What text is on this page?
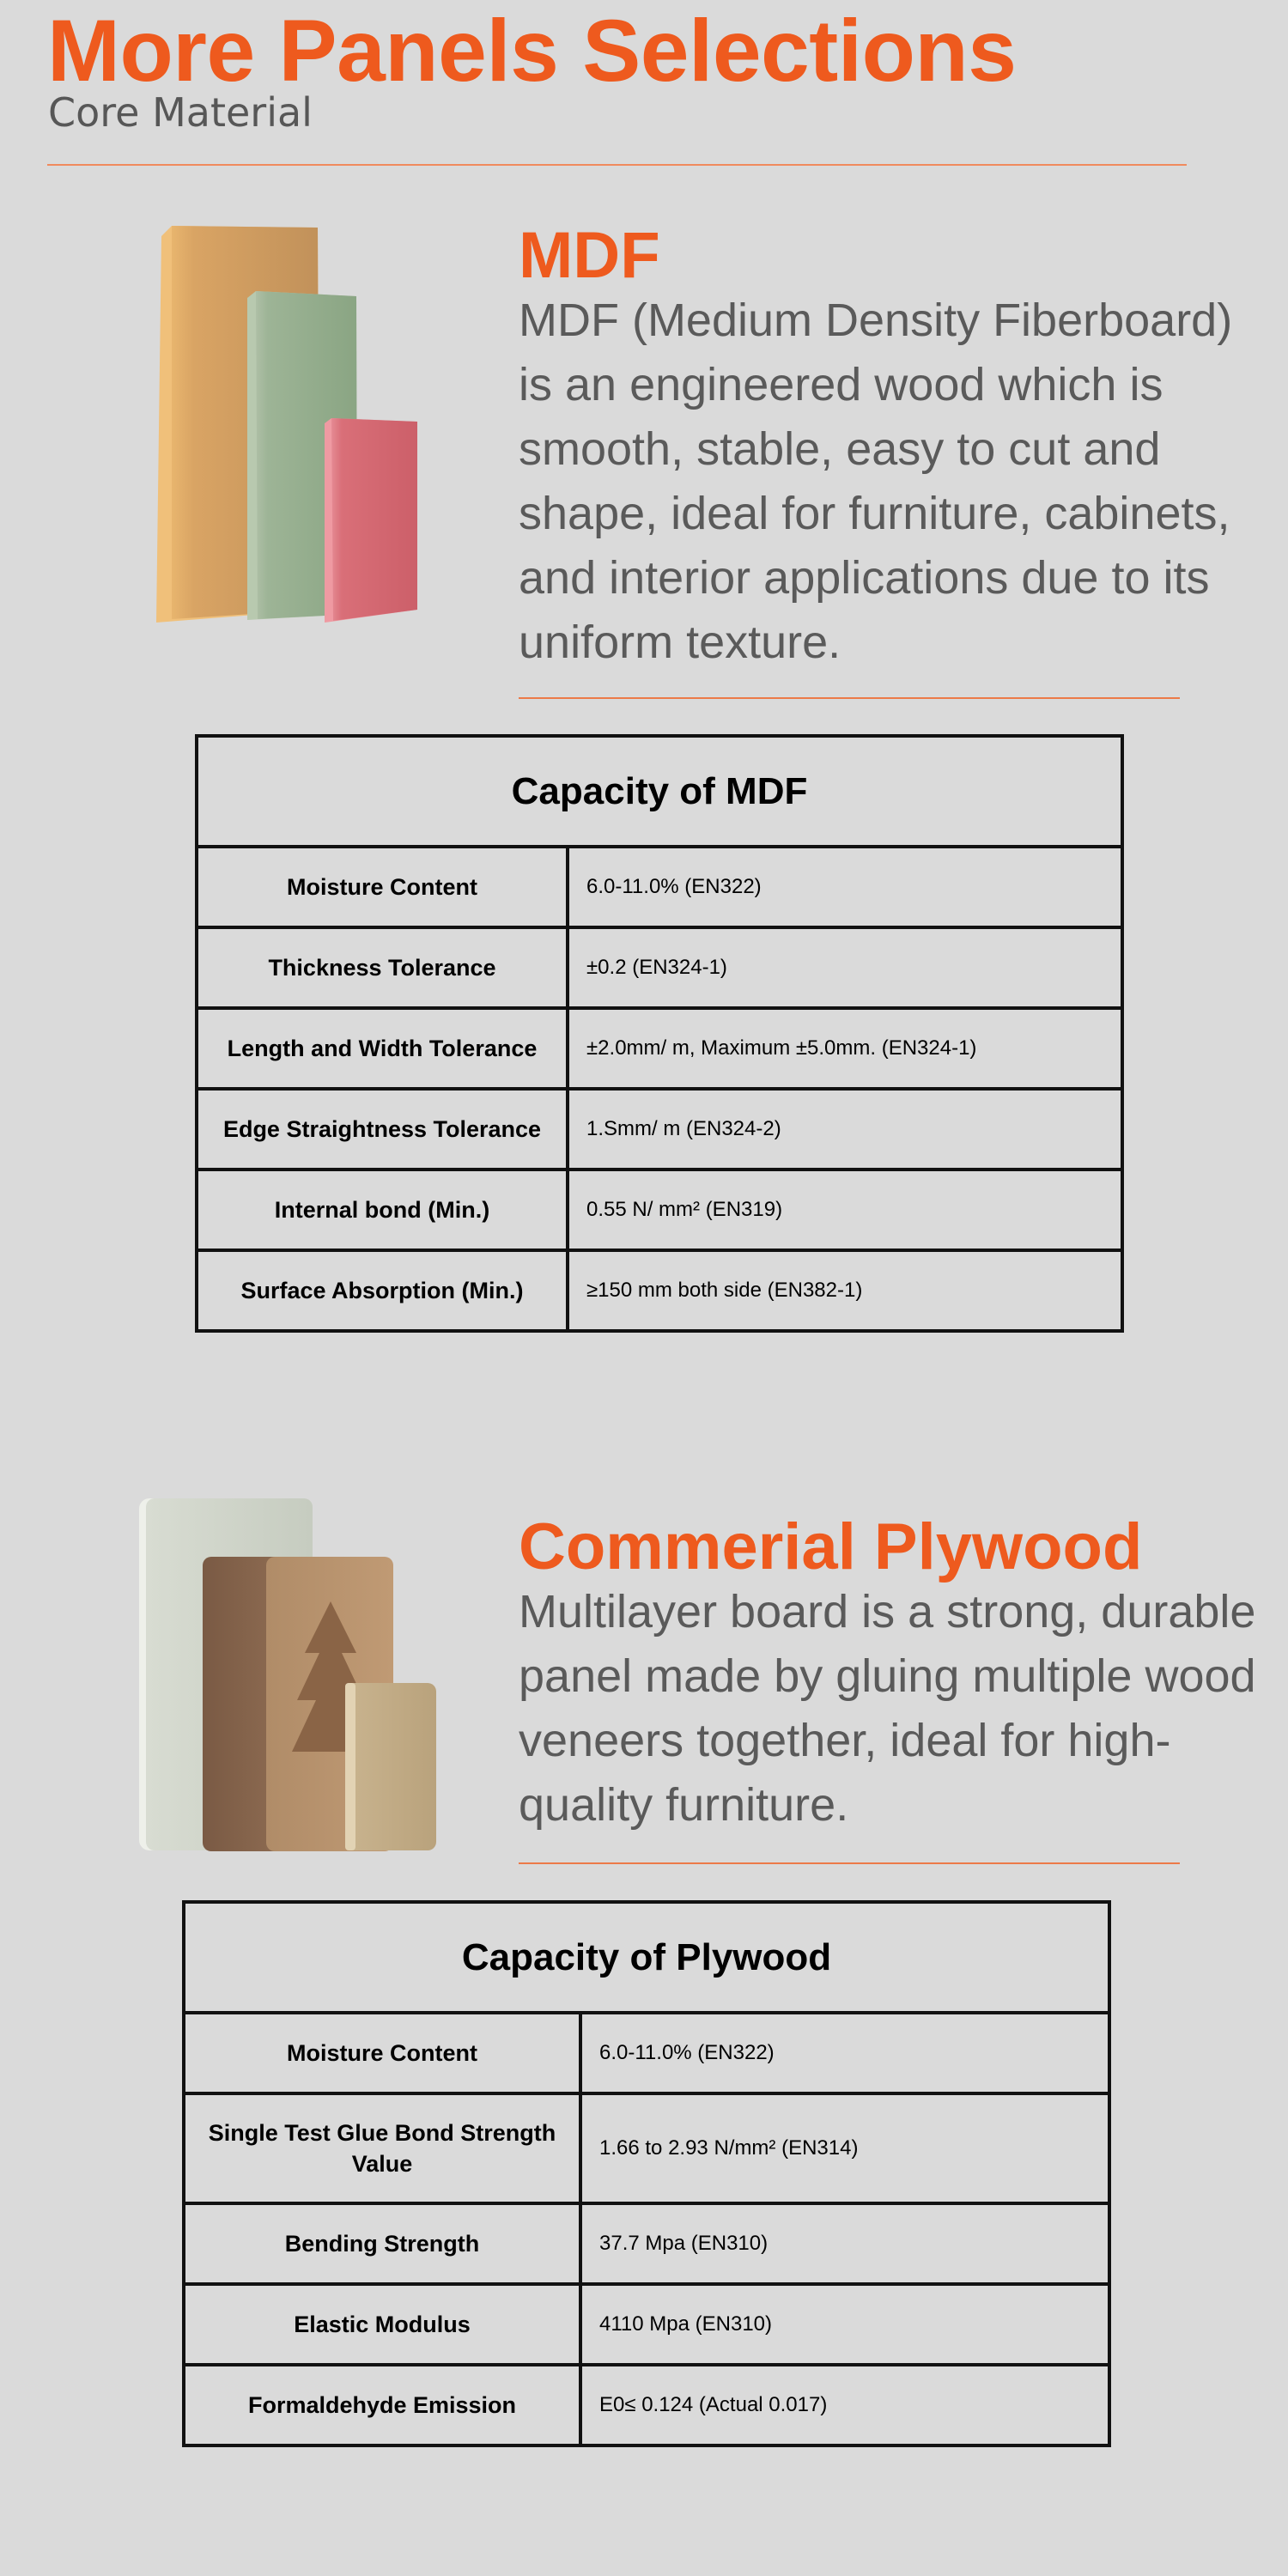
More Panels Selections
Core Material
MDF
MDF (Medium Density Fiberboard) is an engineered wood which is smooth, stable, easy to cut and shape, ideal for furniture, cabinets, and interior applications due to its uniform texture.
Capacity of MDF	
Moisture Content	6.0-11.0% (EN322)
Thickness Tolerance	±0.2 (EN324-1)
Length and Width Tolerance	±2.0mm/ m, Maximum ±5.0mm. (EN324-1)
Edge Straightness Tolerance	1.Smm/ m (EN324-2)
Internal bond (Min.)	0.55 N/ mm² (EN319)
Surface Absorption (Min.)	≥150 mm both side (EN382-1)
Commerial Plywood
Multilayer board is a strong, durable panel made by gluing multiple wood veneers together, ideal for high-quality furniture.
Capacity of Plywood	
Moisture Content	6.0-11.0% (EN322)
Single Test Glue Bond Strength Value	1.66 to 2.93 N/mm² (EN314)
Bending Strength	37.7 Mpa (EN310)
Elastic Modulus	4110 Mpa (EN310)
Formaldehyde Emission	E0≤ 0.124 (Actual 0.017)
